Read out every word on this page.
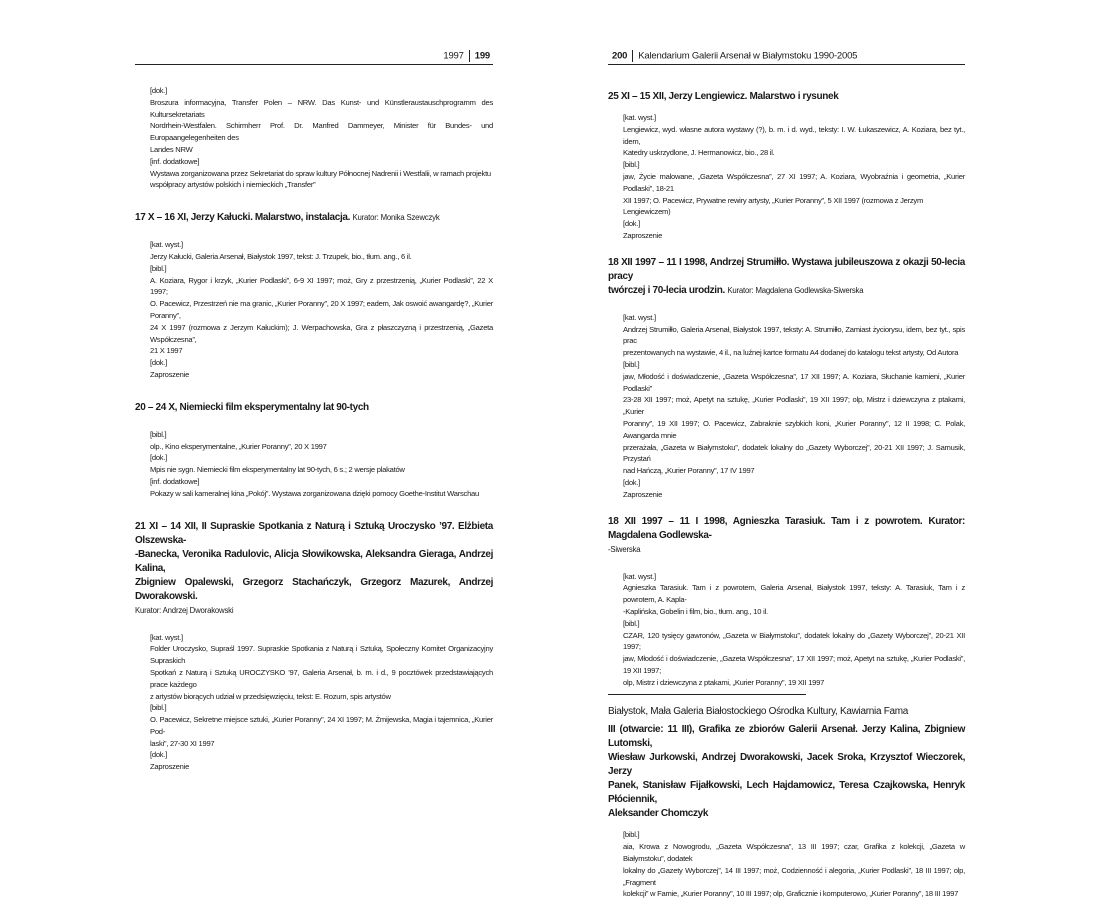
1997 199
[dok.]
Broszura informacyjna, Transfer Polen – NRW. Das Kunst- und Künstleraustauschprogramm des Kultursekretariats
Nordrhein-Westfalen. Schirmherr Prof. Dr. Manfred Dammeyer, Minister für Bundes- und Europaangelegenheiten des
Landes NRW
[inf. dodatkowe]
Wystawa zorganizowana przez Sekretariat do spraw kultury Północnej Nadrenii i Westfalii, w ramach projektu
współpracy artystów polskich i niemieckich „Transfer”
17 X – 16 XI, Jerzy Kałucki. Malarstwo, instalacja. Kurator: Monika Szewczyk
[kat. wyst.]
Jerzy Kałucki, Galeria Arsenał, Białystok 1997, tekst: J. Trzupek, bio., tłum. ang., 6 il.
[bibl.]
A. Koziara, Rygor i krzyk, „Kurier Podlaski”, 6-9 XI 1997; moż, Gry z przestrzenią, „Kurier Podlaski”, 22 X 1997;
O. Pacewicz, Przestrzeń nie ma granic, „Kurier Poranny”, 20 X 1997; eadem, Jak oswoić awangardę?, „Kurier Poranny”,
24 X 1997 (rozmowa z Jerzym Kałuckim); J. Werpachowska, Gra z płaszczyzną i przestrzenią, „Gazeta Współczesna”,
21 X 1997
[dok.]
Zaproszenie
20 – 24 X, Niemiecki film eksperymentalny lat 90-tych
[bibl.]
olp., Kino eksperymentalne, „Kurier Poranny”, 20 X 1997
[dok.]
Mpis nie sygn. Niemiecki film eksperymentalny lat 90-tych, 6 s.; 2 wersje plakatów
[inf. dodatkowe]
Pokazy w sali kameralnej kina „Pokój”. Wystawa zorganizowana dzięki pomocy Goethe-Institut Warschau
21 XI – 14 XII, II Supraskie Spotkania z Naturą i Sztuką Uroczysko ’97. Elżbieta Olszewska-
-Banecka, Veronika Radulovic, Alicja Słowikowska, Aleksandra Gieraga, Andrzej Kalina,
Zbigniew Opalewski, Grzegorz Stachańczyk, Grzegorz Mazurek, Andrzej Dworakowski.
Kurator: Andrzej Dworakowski
[kat. wyst.]
Folder Uroczysko, Supraśl 1997. Supraskie Spotkania z Naturą i Sztuką, Społeczny Komitet Organizacyjny Supraskich
Spotkań z Naturą i Sztuką UROCZYSKO ’97, Galeria Arsenał, b. m. i d., 9 pocztówek przedstawiających prace każdego
z artystów biorących udział w przedsięwzięciu, tekst: E. Rozum, spis artystów
[bibl.]
O. Pacewicz, Sekretne miejsce sztuki, „Kurier Poranny”, 24 XI 1997; M. Żmijewska, Magia i tajemnica, „Kurier Pod-
laski”, 27-30 XI 1997
[dok.]
Zaproszenie
200 Kalendarium Galerii Arsenał w Białymstoku 1990-2005
25 XI – 15 XII, Jerzy Lengiewicz. Malarstwo i rysunek
[kat. wyst.]
Lengiewicz, wyd. własne autora wystawy (?), b. m. i d. wyd., teksty: I. W. Łukaszewicz, A. Koziara, bez tyt., idem,
Katedry uskrzydlone, J. Hermanowicz, bio., 28 il.
[bibl.]
jaw, Życie malowane, „Gazeta Współczesna”, 27 XI 1997; A. Koziara, Wyobraźnia i geometria, „Kurier Podlaski”, 18-21
XII 1997; O. Pacewicz, Prywatne rewiry artysty, „Kurier Poranny”, 5 XII 1997 (rozmowa z Jerzym Lengiewiczem)
[dok.]
Zaproszenie
18 XII 1997 – 11 I 1998, Andrzej Strumiłło. Wystawa jubileuszowa z okazji 50-lecia pracy
twórczej i 70-lecia urodzin. Kurator: Magdalena Godlewska-Siwerska
[kat. wyst.]
Andrzej Strumiłło, Galeria Arsenał, Białystok 1997, teksty: A. Strumiłło, Zamiast życiorysu, idem, bez tyt., spis prac
prezentowanych na wystawie, 4 il., na luźnej kartce formatu A4 dodanej do katalogu tekst artysty, Od Autora
[bibl.]
jaw, Młodość i doświadczenie, „Gazeta Współczesna”, 17 XII 1997; A. Koziara, Słuchanie kamieni, „Kurier Podlaski”
23-28 XII 1997; moż, Apetyt na sztukę, „Kurier Podlaski”, 19 XII 1997; olp, Mistrz i dziewczyna z ptakami, „Kurier
Poranny”, 19 XII 1997; O. Pacewicz, Zabraknie szybkich koni, „Kurier Poranny”, 12 II 1998; C. Polak, Awangarda mnie
przerażała, „Gazeta w Białymstoku”, dodatek lokalny do „Gazety Wyborczej”, 20-21 XII 1997; J. Samusik, Przystań
nad Hańczą, „Kurier Poranny”, 17 IV 1997
[dok.]
Zaproszenie
18 XII 1997 – 11 I 1998, Agnieszka Tarasiuk. Tam i z powrotem. Kurator: Magdalena Godlewska-
-Siwerska
[kat. wyst.]
Agnieszka Tarasiuk. Tam i z powrotem, Galeria Arsenał, Białystok 1997, teksty: A. Tarasiuk, Tam i z powrotem, A. Kapla-
-Kaplińska, Gobelin i film, bio., tłum. ang., 10 il.
[bibl.]
CZAR, 120 tysięcy gawronów, „Gazeta w Białymstoku”, dodatek lokalny do „Gazety Wyborczej”, 20-21 XII 1997;
jaw, Młodość i doświadczenie, „Gazeta Współczesna”, 17 XII 1997; moż, Apetyt na sztukę, „Kurier Podlaski”, 19 XII 1997;
olp, Mistrz i dziewczyna z ptakami, „Kurier Poranny”, 19 XII 1997
Białystok, Mała Galeria Białostockiego Ośrodka Kultury, Kawiarnia Fama
III (otwarcie: 11 III), Grafika ze zbiorów Galerii Arsenał. Jerzy Kalina, Zbigniew Lutomski,
Wiesław Jurkowski, Andrzej Dworakowski, Jacek Sroka, Krzysztof Wieczorek, Jerzy
Panek, Stanisław Fijałkowski, Lech Hajdamowicz, Teresa Czajkowska, Henryk Płóciennik,
Aleksander Chomczyk
[bibl.]
aia, Krowa z Nowogrodu, „Gazeta Współczesna”, 13 III 1997; czar, Grafika z kolekcji, „Gazeta w Białymstoku”, dodatek
lokalny do „Gazety Wyborczej”, 14 III 1997; moż, Codzienność i alegoria, „Kurier Podlaski”, 18 III 1997; olp, „Fragment
kolekcji” w Famie, „Kurier Poranny”, 10 III 1997; olp, Graficznie i komputerowo, „Kurier Poranny”, 18 III 1997
